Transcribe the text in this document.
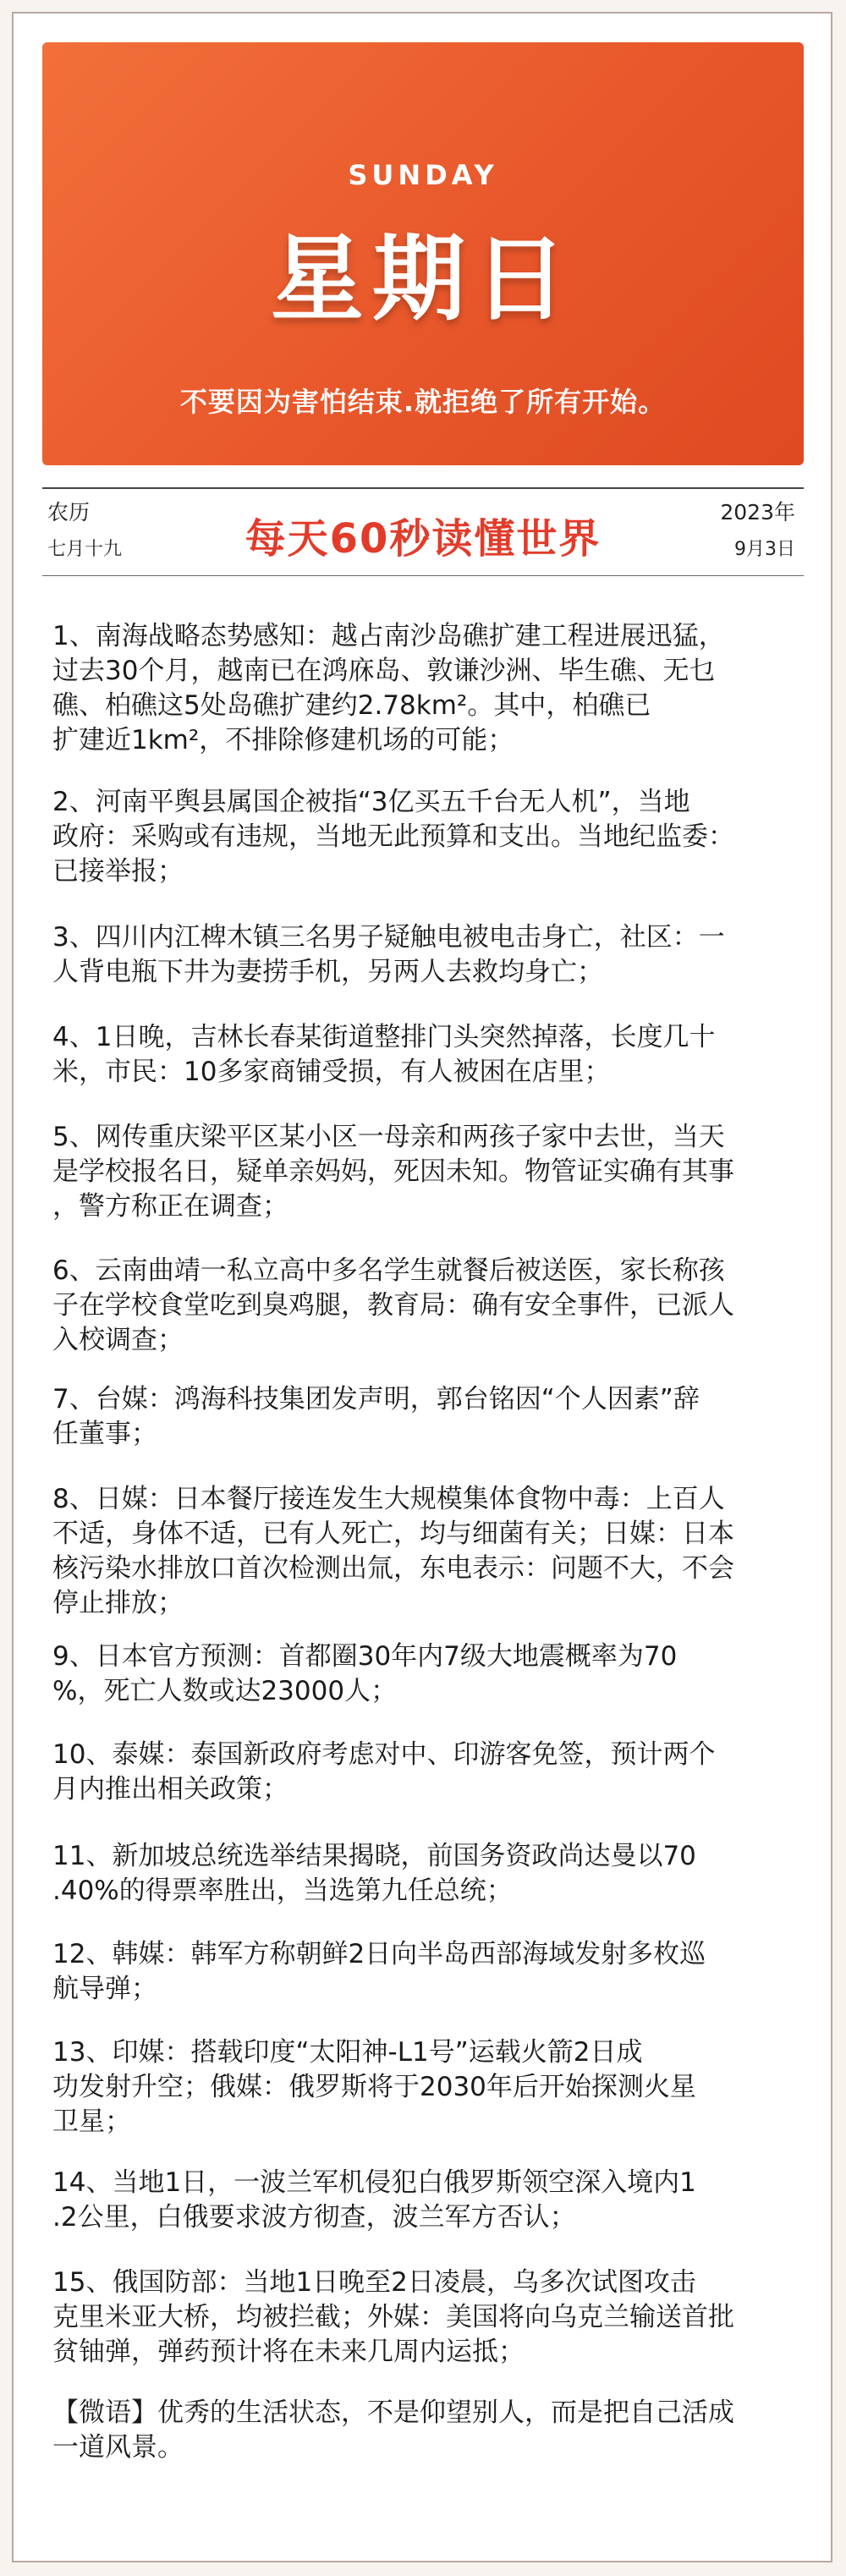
SUNDAY
星期日
不要因为害怕结束.就拒绝了所有开始。
农历
七月十九	每天60秒读懂世界
2023年
9月3日

1、南海战略态势感知：越占南沙岛礁扩建工程进展迅猛，

过去30个月，越南已在鸿庥岛、敦谦沙洲、毕生礁、无乜

礁、柏礁这5处岛礁扩建约2.78km²。其中，柏礁已

扩建近1km²，不排除修建机场的可能；

2、河南平舆县属国企被指“3亿买五千台无人机”，当地

政府：采购或有违规，当地无此预算和支出。当地纪监委：

已接举报；

3、四川内江椑木镇三名男子疑触电被电击身亡，社区：一

人背电瓶下井为妻捞手机，另两人去救均身亡；

4、1日晚，吉林长春某街道整排门头突然掉落，长度几十

米，市民：10多家商铺受损，有人被困在店里；

5、网传重庆梁平区某小区一母亲和两孩子家中去世，当天

是学校报名日，疑单亲妈妈，死因未知。物管证实确有其事

，警方称正在调查；

6、云南曲靖一私立高中多名学生就餐后被送医，家长称孩

子在学校食堂吃到臭鸡腿，教育局：确有安全事件，已派人

入校调查；

7、台媒：鸿海科技集团发声明，郭台铭因“个人因素”辞

任董事；

8、日媒：日本餐厅接连发生大规模集体食物中毒：上百人

不适，身体不适，已有人死亡，均与细菌有关；日媒：日本

核污染水排放口首次检测出氚，东电表示：问题不大，不会

停止排放；

9、日本官方预测：首都圈30年内7级大地震概率为70

%，死亡人数或达23000人；

10、泰媒：泰国新政府考虑对中、印游客免签，预计两个

月内推出相关政策；

11、新加坡总统选举结果揭晓，前国务资政尚达曼以70

.40%的得票率胜出，当选第九任总统；

12、韩媒：韩军方称朝鲜2日向半岛西部海域发射多枚巡

航导弹；

13、印媒：搭载印度“太阳神-L1号”运载火箭2日成

功发射升空；俄媒：俄罗斯将于2030年后开始探测火星

卫星；

14、当地1日，一波兰军机侵犯白俄罗斯领空深入境内1

.2公里，白俄要求波方彻查，波兰军方否认；

15、俄国防部：当地1日晚至2日凌晨，乌多次试图攻击

克里米亚大桥，均被拦截；外媒：美国将向乌克兰输送首批

贫铀弹，弹药预计将在未来几周内运抵；

【微语】优秀的生活状态，不是仰望别人，而是把自己活成

一道风景。
